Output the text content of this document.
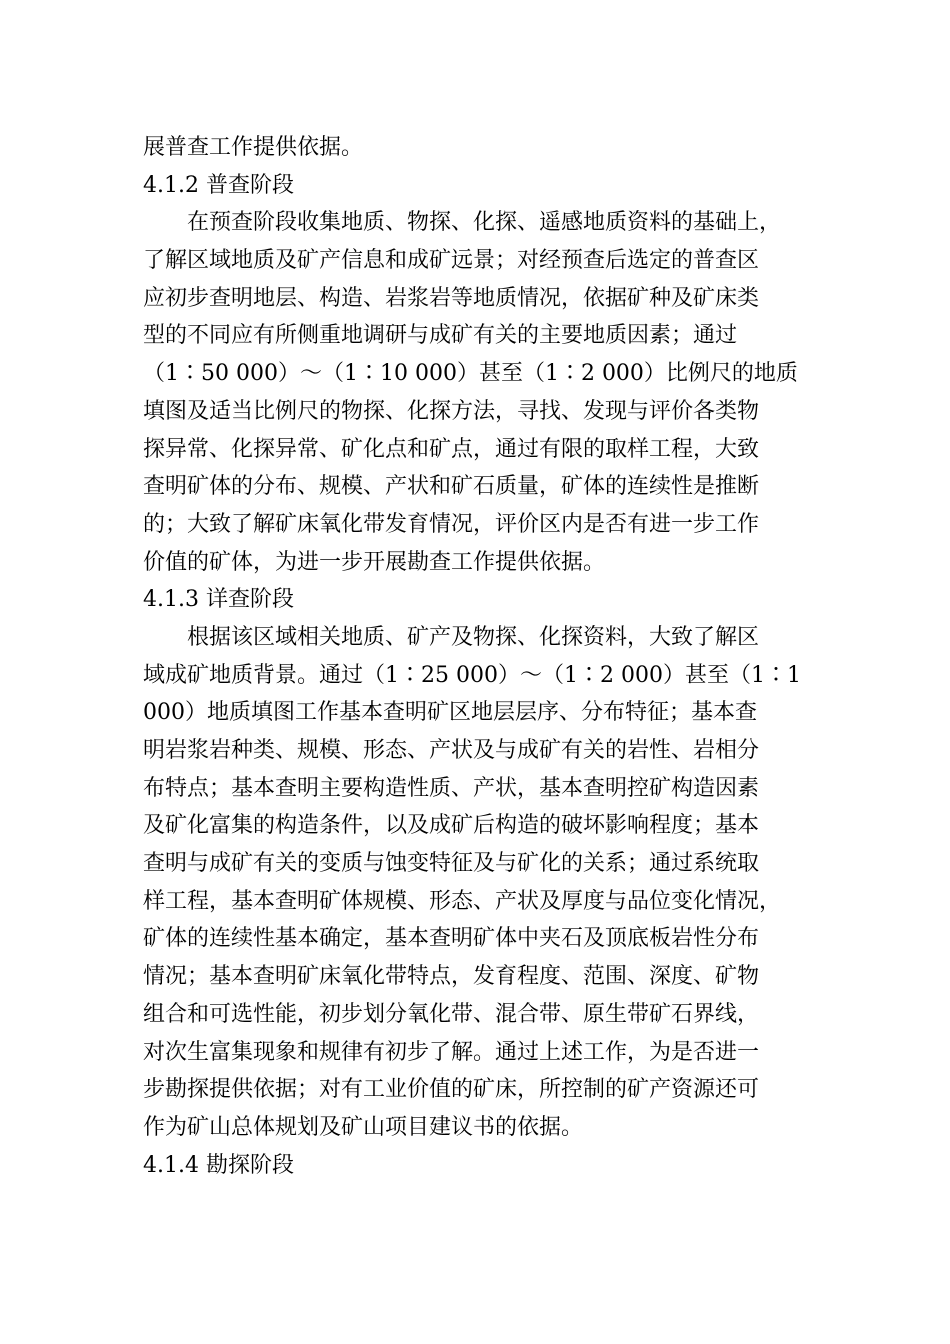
展普查工作提供依据。
4.1.2 普查阶段
在预查阶段收集地质、物探、化探、遥感地质资料的基础上，
了解区域地质及矿产信息和成矿远景；对经预查后选定的普查区
应初步查明地层、构造、岩浆岩等地质情况，依据矿种及矿床类
型的不同应有所侧重地调研与成矿有关的主要地质因素；通过
（1∶50 000）～（1∶10 000）甚至（1∶2 000）比例尺的地质
填图及适当比例尺的物探、化探方法，寻找、发现与评价各类物
探异常、化探异常、矿化点和矿点，通过有限的取样工程，大致
查明矿体的分布、规模、产状和矿石质量，矿体的连续性是推断
的；大致了解矿床氧化带发育情况，评价区内是否有进一步工作
价值的矿体，为进一步开展勘查工作提供依据。
4.1.3 详查阶段
根据该区域相关地质、矿产及物探、化探资料，大致了解区
域成矿地质背景。通过（1∶25 000）～（1∶2 000）甚至（1∶1
000）地质填图工作基本查明矿区地层层序、分布特征；基本查
明岩浆岩种类、规模、形态、产状及与成矿有关的岩性、岩相分
布特点；基本查明主要构造性质、产状，基本查明控矿构造因素
及矿化富集的构造条件，以及成矿后构造的破坏影响程度；基本
查明与成矿有关的变质与蚀变特征及与矿化的关系；通过系统取
样工程，基本查明矿体规模、形态、产状及厚度与品位变化情况，
矿体的连续性基本确定，基本查明矿体中夹石及顶底板岩性分布
情况；基本查明矿床氧化带特点，发育程度、范围、深度、矿物
组合和可选性能，初步划分氧化带、混合带、原生带矿石界线，
对次生富集现象和规律有初步了解。通过上述工作，为是否进一
步勘探提供依据；对有工业价值的矿床，所控制的矿产资源还可
作为矿山总体规划及矿山项目建议书的依据。
4.1.4 勘探阶段
